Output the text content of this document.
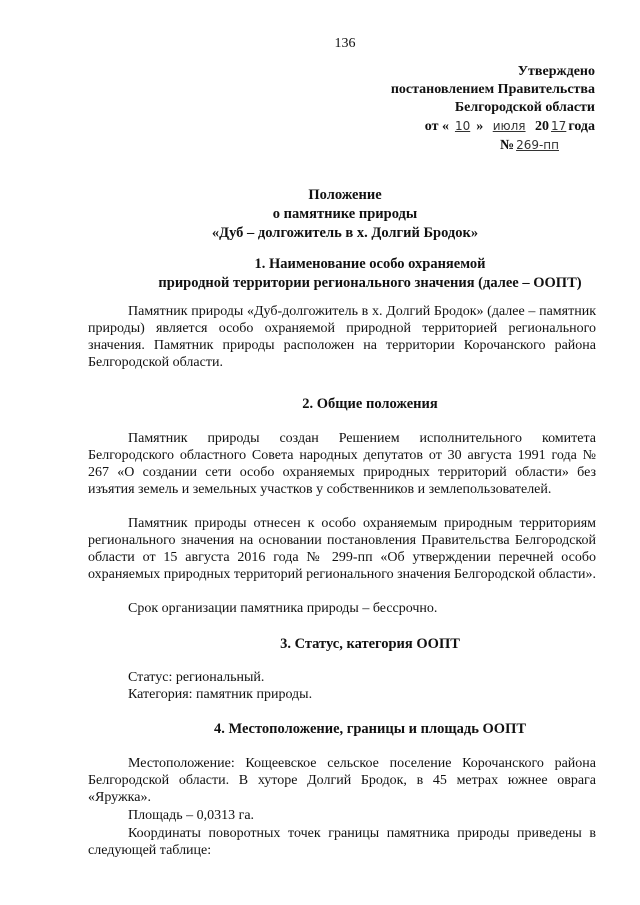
136
Утверждено
постановлением Правительства
Белгородской области
от « 10 » июля 20 17 года
№ 269-пп
Положение
о памятнике природы
«Дуб – долгожитель в х. Долгий Бродок»
1. Наименование особо охраняемой
природной территории регионального значения (далее – ООПТ)
Памятник природы «Дуб-долгожитель в х. Долгий Бродок» (далее – памятник природы) является особо охраняемой природной территорией регионального значения. Памятник природы расположен на территории Корочанского района Белгородской области.
2. Общие положения
Памятник природы создан Решением исполнительного комитета Белгородского областного Совета народных депутатов от 30 августа 1991 года № 267 «О создании сети особо охраняемых природных территорий области» без изъятия земель и земельных участков у собственников и землепользователей.
Памятник природы отнесен к особо охраняемым природным территориям регионального значения на основании постановления Правительства Белгородской области от 15 августа 2016 года № 299-пп «Об утверждении перечней особо охраняемых природных территорий регионального значения Белгородской области».
Срок организации памятника природы – бессрочно.
3. Статус, категория ООПТ
Статус: региональный.
Категория: памятник природы.
4. Местоположение, границы и площадь ООПТ
Местоположение: Кощеевское сельское поселение Корочанского района Белгородской области. В хуторе Долгий Бродок, в 45 метрах южнее оврага «Яружка».
Площадь – 0,0313 га.
Координаты поворотных точек границы памятника природы приведены в следующей таблице:
